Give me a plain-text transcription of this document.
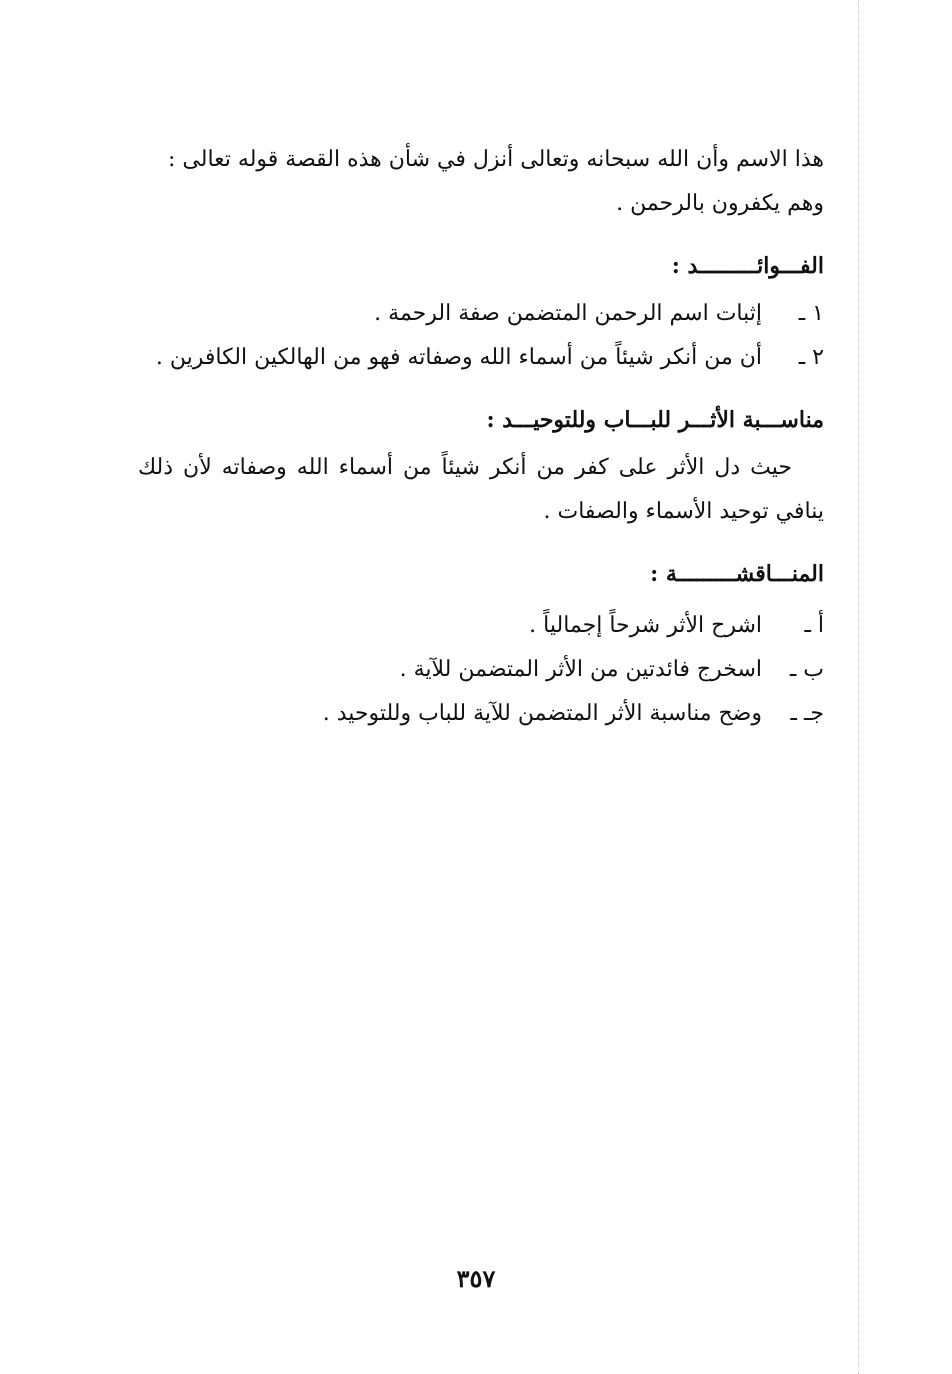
هذا الاسم وأن الله سبحانه وتعالى أنزل في شأن هذه القصة قوله تعالى :

وهم يكفرون بالرحمن .

الفـــوائـــــــــد :

١ ـ
إثبات اسم الرحمن المتضمن صفة الرحمة .
٢ ـ
أن من أنكر شيئاً من أسماء الله وصفاته فهو من الهالكين الكافرين .

مناســـبة الأثـــر للبـــاب وللتوحيـــد :

حيث دل الأثر على كفر من أنكر شيئاً من أسماء الله وصفاته لأن ذلك ينافي توحيد الأسماء والصفات .

المنـــاقشـــــــــة :

أ ـ
اشرح الأثر شرحاً إجمالياً .
ب ـ
اسخرج فائدتين من الأثر المتضمن للآية .
جـ ـ
وضح مناسبة الأثر المتضمن للآية للباب وللتوحيد .
٣٥٧
